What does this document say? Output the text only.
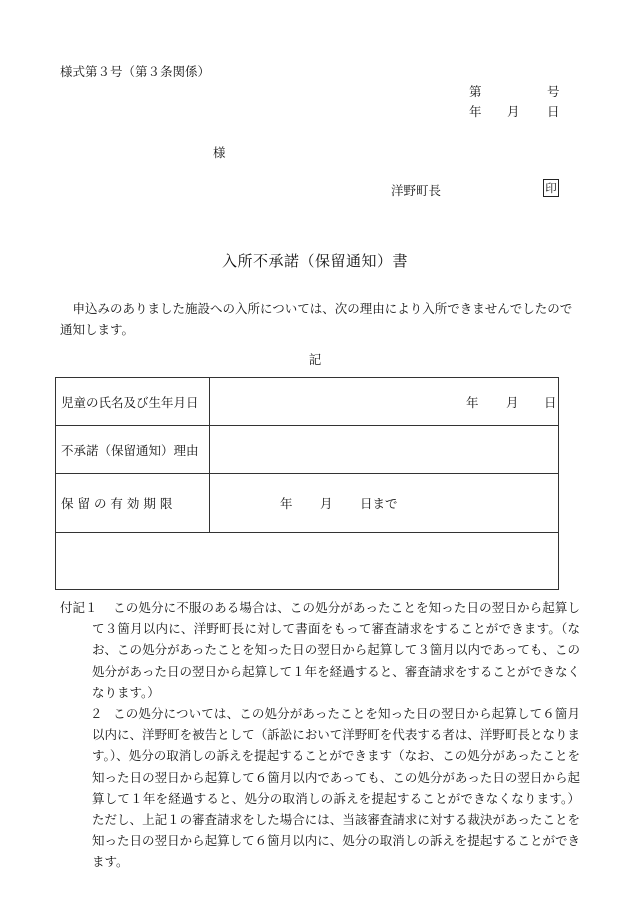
様式第３号（第３条関係）
第	号
年 月 日
様
洋野町長	印
入所不承諾（保留通知）書
申込みのありました施設への入所については、次の理由により入所できませんでしたので通知します。
記
児童の氏名及び生年月日	年 月 日
不承諾（保留通知）理由
保 留 の 有 効 期 限	年 月 日まで
付記１	この処分に不服のある場合は、この処分があったことを知った日の翌日から起算して３箇月以内に、洋野町長に対して書面をもって審査請求をすることができます。（なお、この処分があったことを知った日の翌日から起算して３箇月以内であっても、この処分があった日の翌日から起算して１年を経過すると、審査請求をすることができなくなります。）
２ この処分については、この処分があったことを知った日の翌日から起算して６箇月以内に、洋野町を被告として（訴訟において洋野町を代表する者は、洋野町長となります。）、処分の取消しの訴えを提起することができます（なお、この処分があったことを知った日の翌日から起算して６箇月以内であっても、この処分があった日の翌日から起算して１年を経過すると、処分の取消しの訴えを提起することができなくなります。）ただし、上記１の審査請求をした場合には、当該審査請求に対する裁決があったことを知った日の翌日から起算して６箇月以内に、処分の取消しの訴えを提起することができます。
